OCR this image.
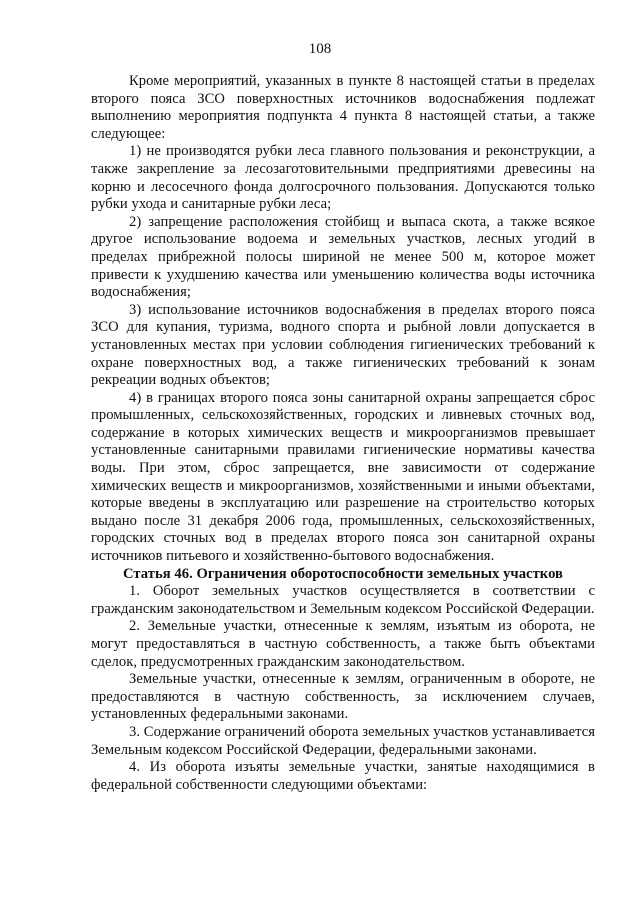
108

Кроме мероприятий, указанных в пункте 8 настоящей статьи в пределах второго пояса ЗСО поверхностных источников водоснабжения подлежат выполнению мероприятия подпункта 4 пункта 8 настоящей статьи, а также следующее:

1) не производятся рубки леса главного пользования и реконструкции, а также закрепление за лесозаготовительными предприятиями древесины на корню и лесосечного фонда долгосрочного пользования. Допускаются только рубки ухода и санитарные рубки леса;

2) запрещение расположения стойбищ и выпаса скота, а также всякое другое использование водоема и земельных участков, лесных угодий в пределах прибрежной полосы шириной не менее 500 м, которое может привести к ухудшению качества или уменьшению количества воды источника водоснабжения;

3) использование источников водоснабжения в пределах второго пояса ЗСО для купания, туризма, водного спорта и рыбной ловли допускается в установленных местах при условии соблюдения гигиенических требований к охране поверхностных вод, а также гигиенических требований к зонам рекреации водных объектов;

4) в границах второго пояса зоны санитарной охраны запрещается сброс промышленных, сельскохозяйственных, городских и ливневых сточных вод, содержание в которых химических веществ и микроорганизмов превышает установленные санитарными правилами гигиенические нормативы качества воды. При этом, сброс запрещается, вне зависимости от содержание химических веществ и микроорганизмов, хозяйственными и иными объектами, которые введены в эксплуатацию или разрешение на строительство которых выдано после 31 декабря 2006 года, промышленных, сельскохозяйственных, городских сточных вод в пределах второго пояса зон санитарной охраны источников питьевого и хозяйственно-бытового водоснабжения.

Статья 46. Ограничения оборотоспособности земельных участков

1. Оборот земельных участков осуществляется в соответствии с гражданским законодательством и Земельным кодексом Российской Федерации.

2. Земельные участки, отнесенные к землям, изъятым из оборота, не могут предоставляться в частную собственность, а также быть объектами сделок, предусмотренных гражданским законодательством.

Земельные участки, отнесенные к землям, ограниченным в обороте, не предоставляются в частную собственность, за исключением случаев, установленных федеральными законами.

3. Содержание ограничений оборота земельных участков устанавливается Земельным кодексом Российской Федерации, федеральными законами.

4. Из оборота изъяты земельные участки, занятые находящимися в федеральной собственности следующими объектами:
